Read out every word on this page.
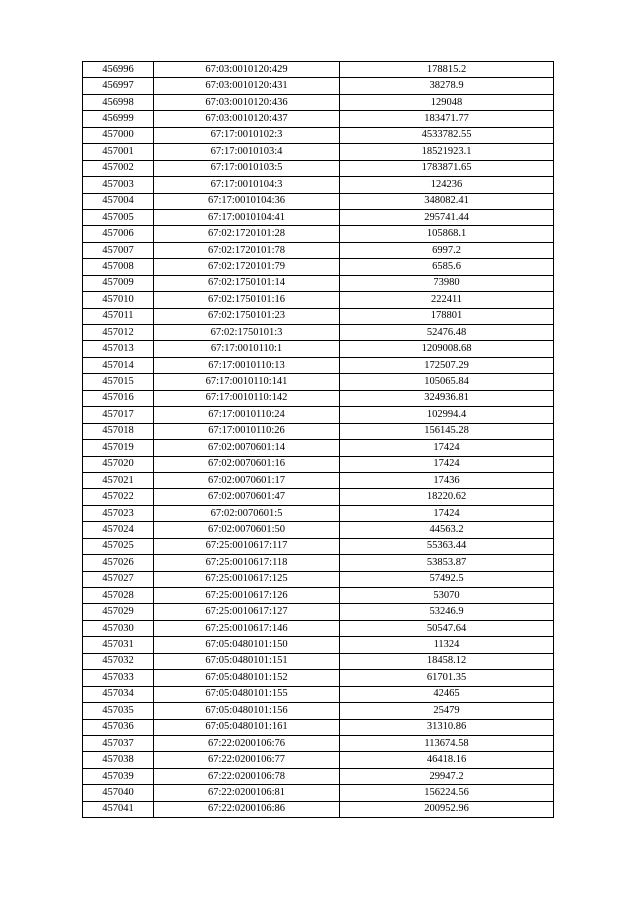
456996	67:03:0010120:429	178815.2
456997	67:03:0010120:431	38278.9
456998	67:03:0010120:436	129048
456999	67:03:0010120:437	183471.77
457000	67:17:0010102:3	4533782.55
457001	67:17:0010103:4	18521923.1
457002	67:17:0010103:5	1783871.65
457003	67:17:0010104:3	124236
457004	67:17:0010104:36	348082.41
457005	67:17:0010104:41	295741.44
457006	67:02:1720101:28	105868.1
457007	67:02:1720101:78	6997.2
457008	67:02:1720101:79	6585.6
457009	67:02:1750101:14	73980
457010	67:02:1750101:16	222411
457011	67:02:1750101:23	178801
457012	67:02:1750101:3	52476.48
457013	67:17:0010110:1	1209008.68
457014	67:17:0010110:13	172507.29
457015	67:17:0010110:141	105065.84
457016	67:17:0010110:142	324936.81
457017	67:17:0010110:24	102994.4
457018	67:17:0010110:26	156145.28
457019	67:02:0070601:14	17424
457020	67:02:0070601:16	17424
457021	67:02:0070601:17	17436
457022	67:02:0070601:47	18220.62
457023	67:02:0070601:5	17424
457024	67:02:0070601:50	44563.2
457025	67:25:0010617:117	55363.44
457026	67:25:0010617:118	53853.87
457027	67:25:0010617:125	57492.5
457028	67:25:0010617:126	53070
457029	67:25:0010617:127	53246.9
457030	67:25:0010617:146	50547.64
457031	67:05:0480101:150	11324
457032	67:05:0480101:151	18458.12
457033	67:05:0480101:152	61701.35
457034	67:05:0480101:155	42465
457035	67:05:0480101:156	25479
457036	67:05:0480101:161	31310.86
457037	67:22:0200106:76	113674.58
457038	67:22:0200106:77	46418.16
457039	67:22:0200106:78	29947.2
457040	67:22:0200106:81	156224.56
457041	67:22:0200106:86	200952.96
